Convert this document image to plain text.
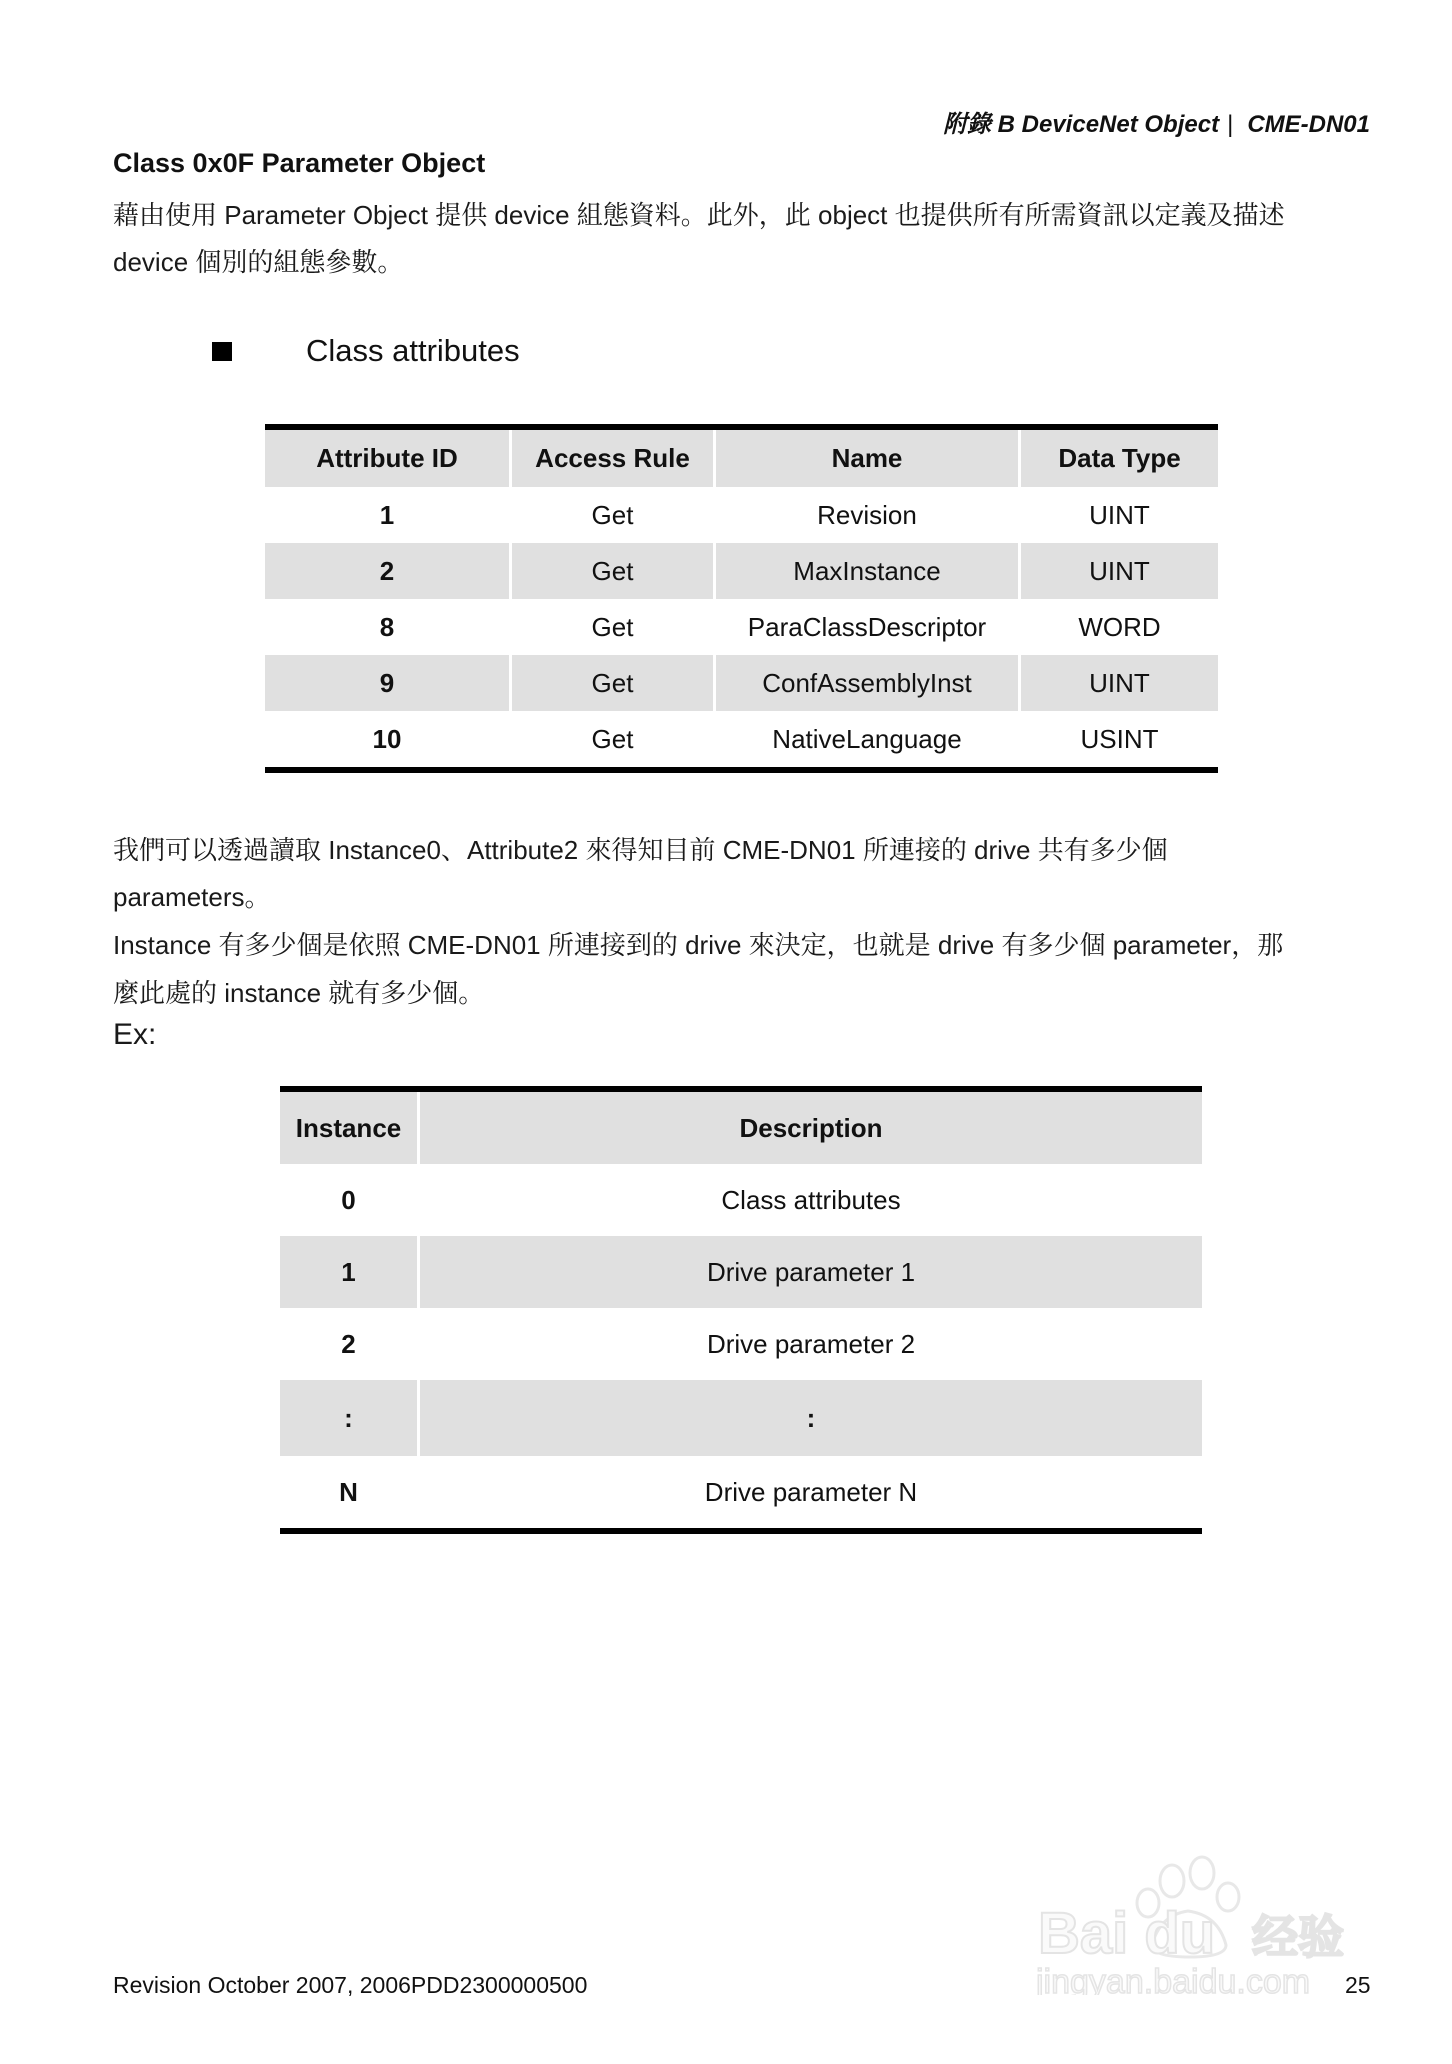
附錄 B DeviceNet Object | CME-DN01
Class 0x0F Parameter Object
藉由使用 Parameter Object 提供 device 組態資料。此外，此 object 也提供所有所需資訊以定義及描述
device 個別的組態參數。
Class attributes

Attribute ID	Access Rule	Name	Data Type
1	Get	Revision	UINT
2	Get	MaxInstance	UINT
8	Get	ParaClassDescriptor	WORD
9	Get	ConfAssemblyInst	UINT
10	Get	NativeLanguage	USINT

我們可以透過讀取 Instance0、Attribute2 來得知目前 CME-DN01 所連接的 drive 共有多少個
parameters。
Instance 有多少個是依照 CME-DN01 所連接到的 drive 來決定，也就是 drive 有多少個 parameter，那
麼此處的 instance 就有多少個。
Ex:

Instance	Description
0	Class attributes
1	Drive parameter 1
2	Drive parameter 2
:	:
N	Drive parameter N

Bai du 经验
jingyan.baidu.com
Revision October 2007, 2006PDD2300000500	25
